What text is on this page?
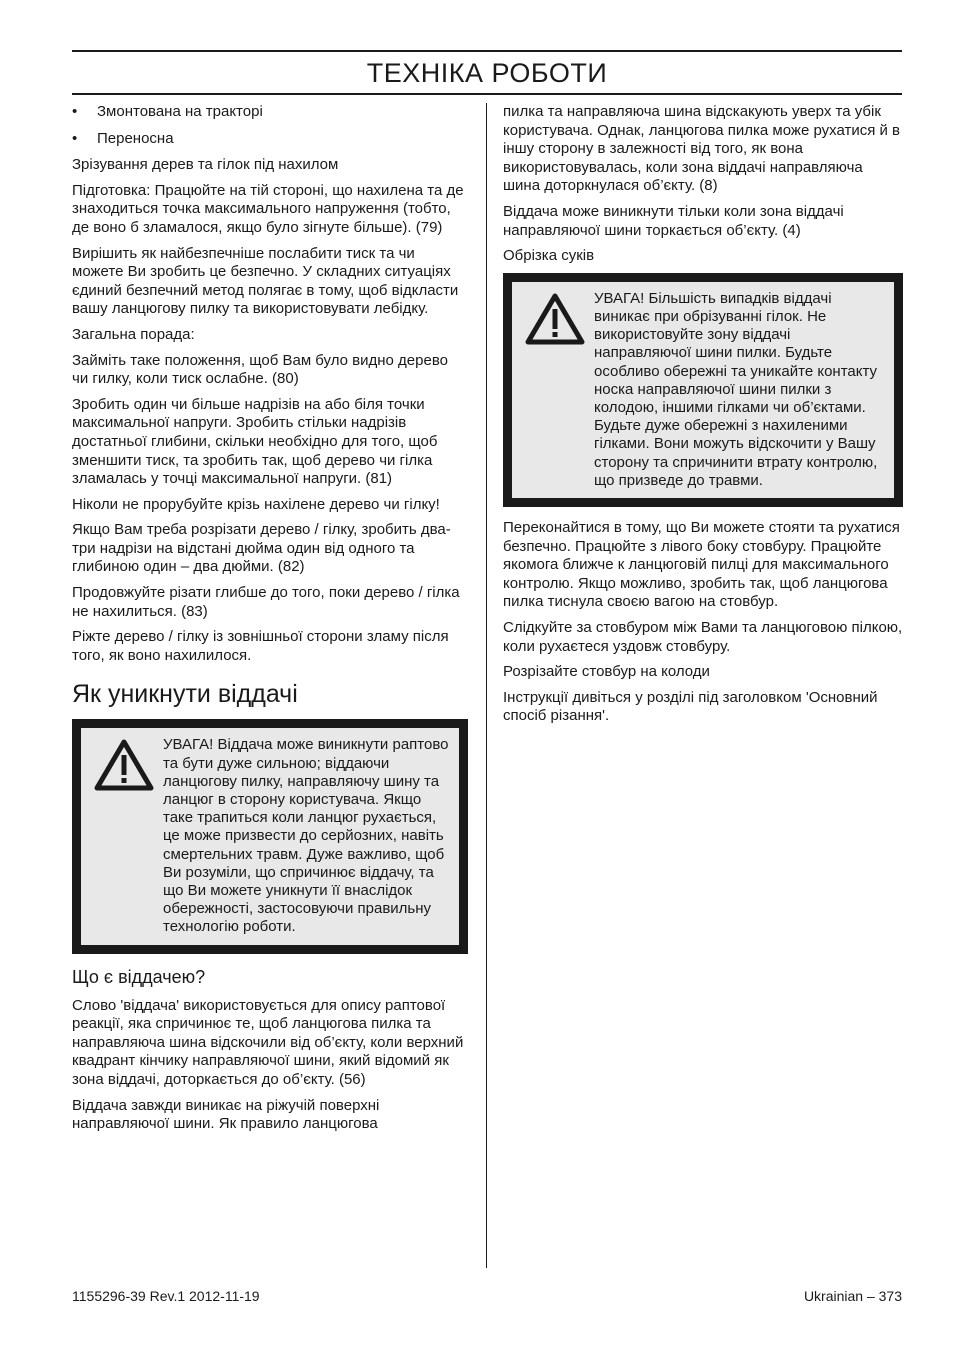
ТЕХНІКА РОБОТИ
•	Змонтована на тракторі
•	Переносна

Зрізування дерев та гілок під нахилом

Підготовка: Працюйте на тій стороні, що нахилена та де знаходиться точка максимального напруження (тобто, де воно б зламалося, якщо було зігнуте більше). (79)

Вирішить як найбезпечніше послабити тиск та чи можете Ви зробить це безпечно. У складних ситуаціях єдиний безпечний метод полягає в тому, щоб відкласти вашу ланцюгову пилку та використовувати лебідку.

Загальна порада:

Займіть таке положення, щоб Вам було видно дерево чи гилку, коли тиск ослабне. (80)

Зробить один чи більше надрізів на або біля точки максимальної напруги. Зробить стільки надрізів достатньої глибини, скільки необхідно для того, щоб зменшити тиск, та зробить так, щоб дерево чи гілка зламалась у точці максимальної напруги. (81)

Ніколи не прорубуйте крізь нахілене дерево чи гілку!

Якщо Вам треба розрізати дерево / гілку, зробить два-три надрізи на відстані дюйма один від одного та глибиною один – два дюйми. (82)

Продовжуйте різати глибше до того, поки дерево / гілка не нахилиться. (83)

Ріжте дерево / гілку із зовнішньої сторони зламу після того, як воно нахилилося.

Як уникнути віддачі
УВАГА! Віддача може виникнути раптово та бути дуже сильною; віддаючи ланцюгову пилку, направляючу шину та ланцюг в сторону користувача. Якщо таке трапиться коли ланцюг рухається, це може призвести до серйозних, навіть смертельних травм. Дуже важливо, щоб Ви розуміли, що спричинює віддачу, та що Ви можете уникнути її внаслідок обережності, застосовуючи правильну технологію роботи.
Що є віддачею?

Слово 'віддача' використовується для опису раптової реакції, яка спричинює те, щоб ланцюгова пилка та направляюча шина відскочили від об’єкту, коли верхний квадрант кінчику направляючої шини, який відомий як зона віддачі, доторкається до об’єкту. (56)

Віддача завжди виникає на ріжучій поверхні направляючої шини. Як правило ланцюгова

пилка та направляюча шина відскакують уверх та убік користувача. Однак, ланцюгова пилка може рухатися й в іншу сторону в залежності від того, як вона використовувалась, коли зона віддачі направляюча шина доторкнулася об’єкту. (8)

Віддача може виникнути тільки коли зона віддачі направляючої шини торкається об’єкту. (4)

Обрізка суків

УВАГА! Більшість випадків віддачі виникає при обрізуванні гілок. Не використовуйте зону віддачі направляючої шини пилки. Будьте особливо обережні та уникайте контакту носка направляючої шини пилки з колодою, іншими гілками чи об’єктами. Будьте дуже обережні з нахиленими гілками. Вони можуть відскочити у Вашу сторону та спричинити втрату контролю, що призведе до травми.

Переконайтися в тому, що Ви можете стояти та рухатися безпечно. Працюйте з лівого боку стовбуру. Працюйте якомога ближче к ланцюговій пилці для максимального контролю. Якщо можливо, зробить так, щоб ланцюгова пилка тиснула своєю вагою на стовбур.

Слідкуйте за стовбуром між Вами та ланцюговою пілкою, коли рухаєтеся уздовж стовбуру.

Розрізайте стовбур на колоди

Інструкції дивіться у розділі під заголовком 'Основний спосіб різання'.

1155296-39 Rev.1 2012-11-19	Ukrainian – 373
